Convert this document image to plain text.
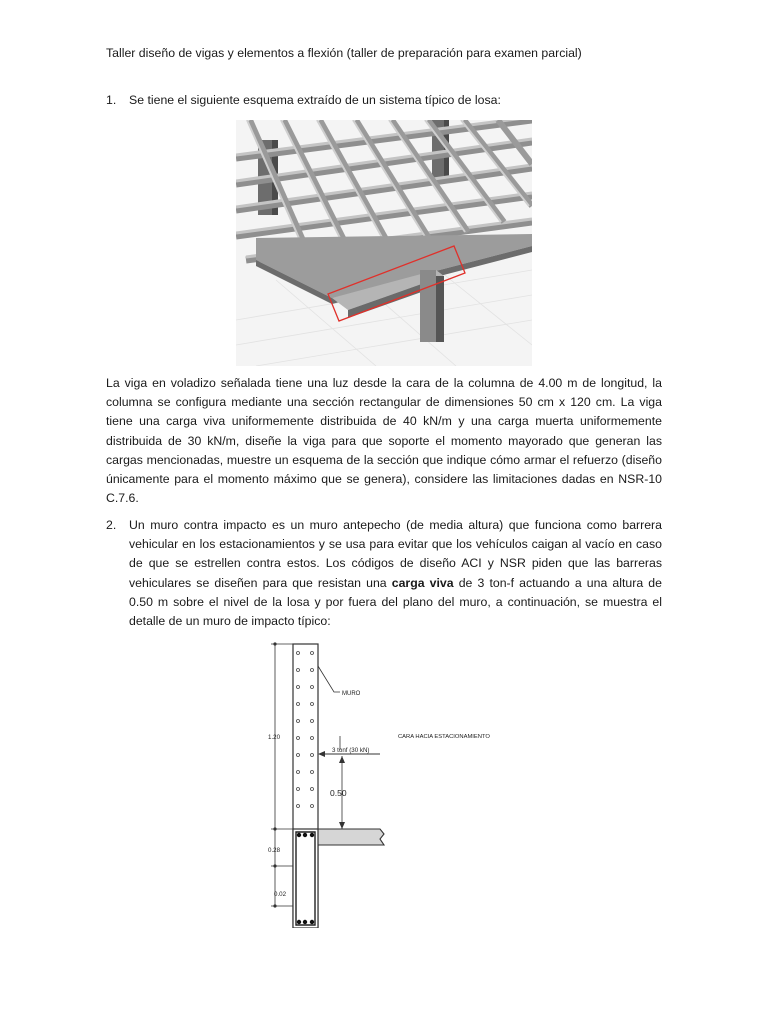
Taller diseño de vigas y elementos a flexión (taller de preparación para examen parcial)
1. Se tiene el siguiente esquema extraído de un sistema típico de losa:
La viga en voladizo señalada tiene una luz desde la cara de la columna de 4.00 m de longitud, la columna se configura mediante una sección rectangular de dimensiones 50 cm x 120 cm. La viga tiene una carga viva uniformemente distribuida de 40 kN/m y una carga muerta uniformemente distribuida de 30 kN/m, diseñe la viga para que soporte el momento mayorado que generan las cargas mencionadas, muestre un esquema de la sección que indique cómo armar el refuerzo (diseño únicamente para el momento máximo que se genera), considere las limitaciones dadas en NSR-10 C.7.6.
2. Un muro contra impacto es un muro antepecho (de media altura) que funciona como barrera vehicular en los estacionamientos y se usa para evitar que los vehículos caigan al vacío en caso de que se estrellen contra estos. Los códigos de diseño ACI y NSR piden que las barreras vehiculares se diseñen para que resistan una carga viva de 3 ton-f actuando a una altura de 0.50 m sobre el nivel de la losa y por fuera del plano del muro, a continuación, se muestra el detalle de un muro de impacto típico:
1.20
0.28
0.02
MURO
CARA HACIA ESTACIONAMIENTO
3 tonf (30 kN)
0.50
